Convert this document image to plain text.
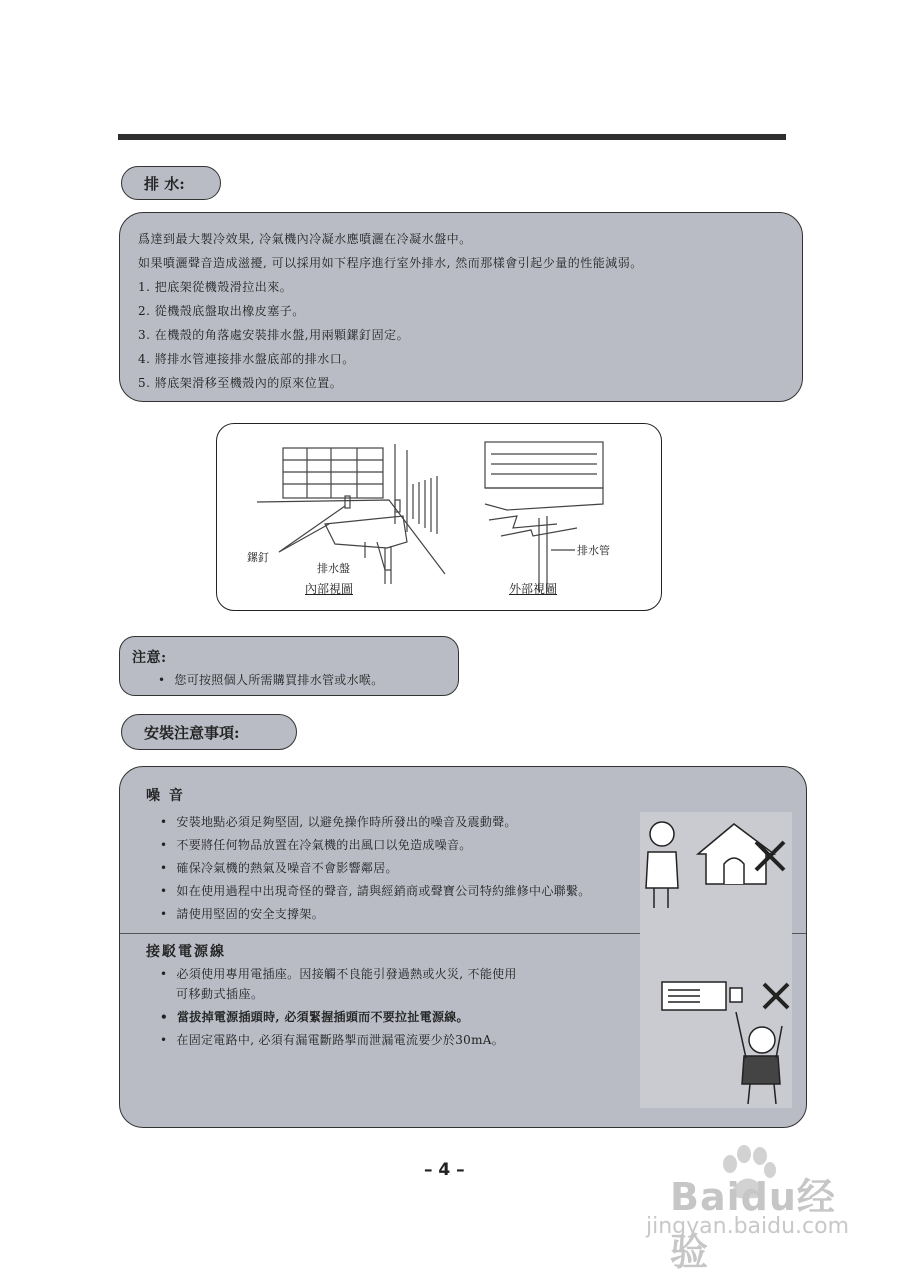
排 水:
爲達到最大製冷效果, 冷氣機內冷凝水應噴灑在冷凝水盤中。
如果噴灑聲音造成滋擾, 可以採用如下程序進行室外排水, 然而那樣會引起少量的性能減弱。
1. 把底架從機殼滑拉出來。
2. 從機殼底盤取出橡皮塞子。
3. 在機殼的角落處安裝排水盤,用兩顆鏍釘固定。
4. 將排水管連接排水盤底部的排水口。
5. 將底架滑移至機殼內的原來位置。
鏍釘
排水盤
排水管
內部視圖	外部視圖
注意:
• 您可按照個人所需購買排水管或水喉。
安裝注意事項:
噪 音
• 安裝地點必須足夠堅固, 以避免操作時所發出的噪音及震動聲。
• 不要將任何物品放置在冷氣機的出風口以免造成噪音。
• 確保冷氣機的熱氣及噪音不會影響鄰居。
• 如在使用過程中出現奇怪的聲音, 請與經銷商或聲寶公司特約維修中心聯繫。
• 請使用堅固的安全支撐架。
接駁電源線
• 必須使用專用電插座。因接觸不良能引發過熱或火災, 不能使用
可移動式插座。
• 當拔掉電源插頭時, 必須緊握插頭而不要拉扯電源線。
• 在固定電路中, 必須有漏電斷路掣而泄漏電流要少於30mA。
– 4 –
Baidu经验
jingyan.baidu.com
